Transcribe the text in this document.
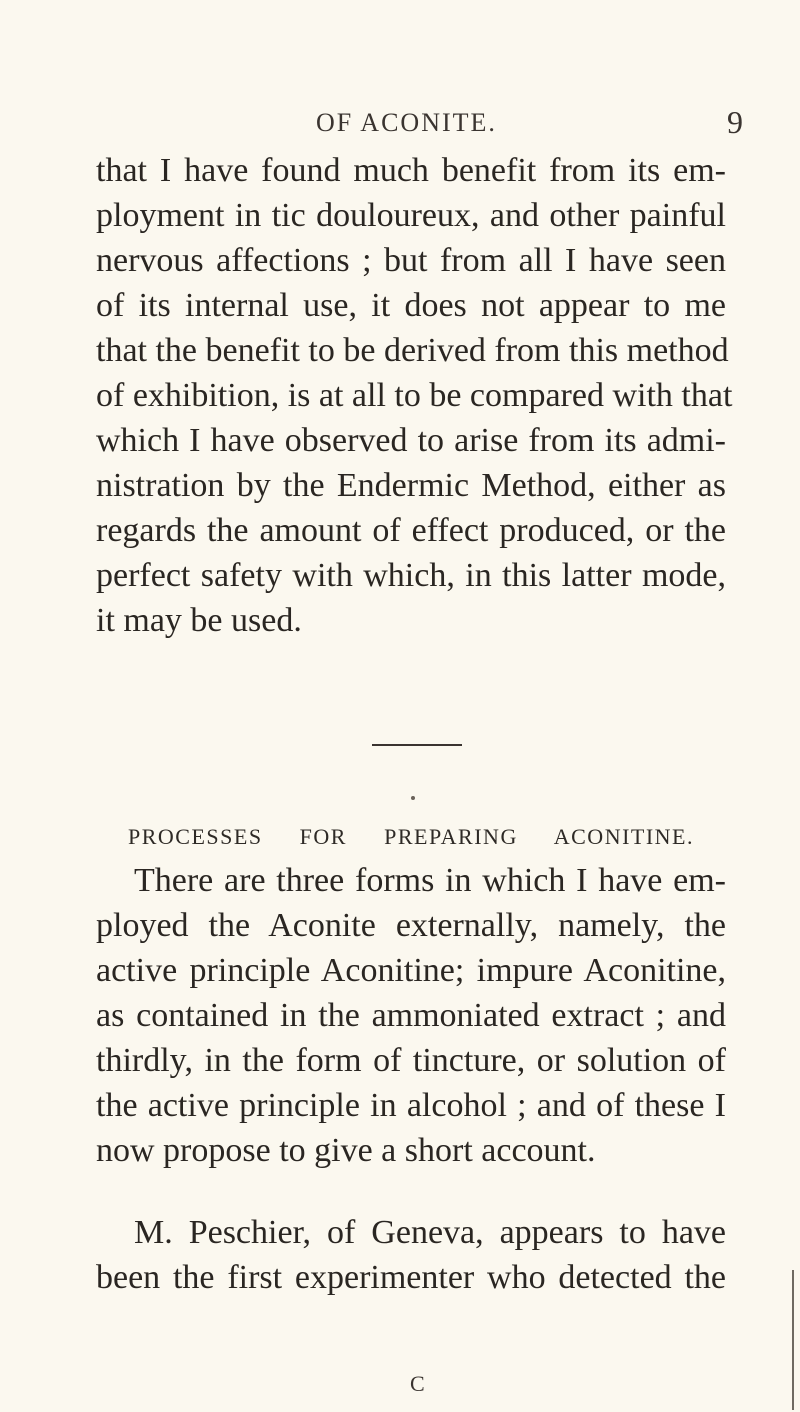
OF ACONITE.	9
that I have found much benefit from its em-
ployment in tic douloureux, and other painful
nervous affections ; but from all I have seen
of its internal use, it does not appear to me
that the benefit to be derived from this method
of exhibition, is at all to be compared with that
which I have observed to arise from its admi-
nistration by the Endermic Method, either as
regards the amount of effect produced, or the
perfect safety with which, in this latter mode,
it may be used.
PROCESSES FOR PREPARING ACONITINE.
There are three forms in which I have em-
ployed the Aconite externally, namely, the
active principle Aconitine; impure Aconitine,
as contained in the ammoniated extract ; and
thirdly, in the form of tincture, or solution of
the active principle in alcohol ; and of these I
now propose to give a short account.
M. Peschier, of Geneva, appears to have
been the first experimenter who detected the
C
